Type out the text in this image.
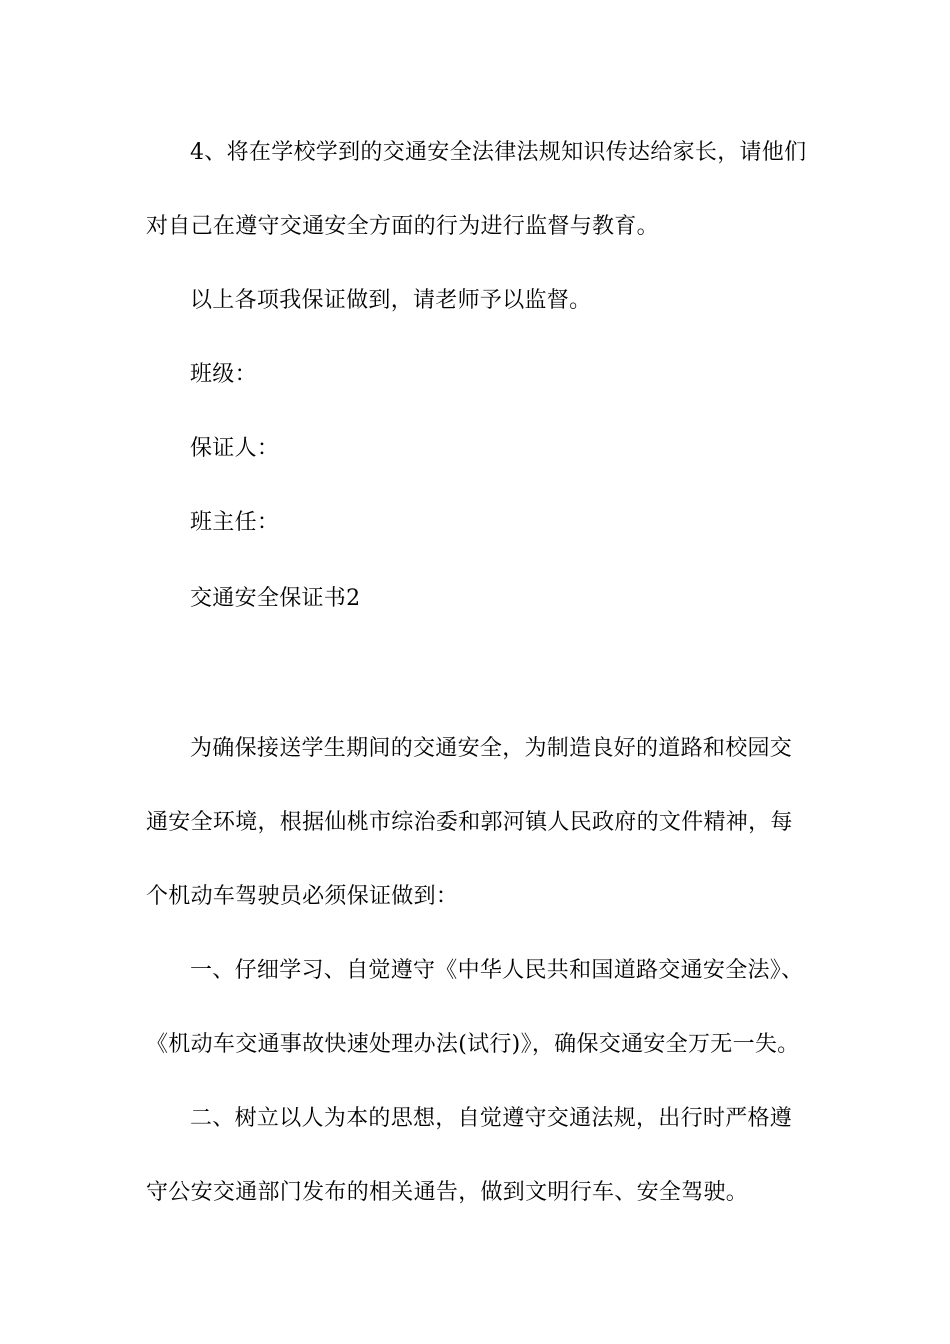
4、将在学校学到的交通安全法律法规知识传达给家长，请他们
对自己在遵守交通安全方面的行为进行监督与教育。
以上各项我保证做到，请老师予以监督。
班级：
保证人：
班主任：
交通安全保证书2
为确保接送学生期间的交通安全，为制造良好的道路和校园交
通安全环境，根据仙桃市综治委和郭河镇人民政府的文件精神，每
个机动车驾驶员必须保证做到：
一、仔细学习、自觉遵守《中华人民共和国道路交通安全法》、
《机动车交通事故快速处理办法(试行)》，确保交通安全万无一失。
二、树立以人为本的思想，自觉遵守交通法规，出行时严格遵
守公安交通部门发布的相关通告，做到文明行车、安全驾驶。
